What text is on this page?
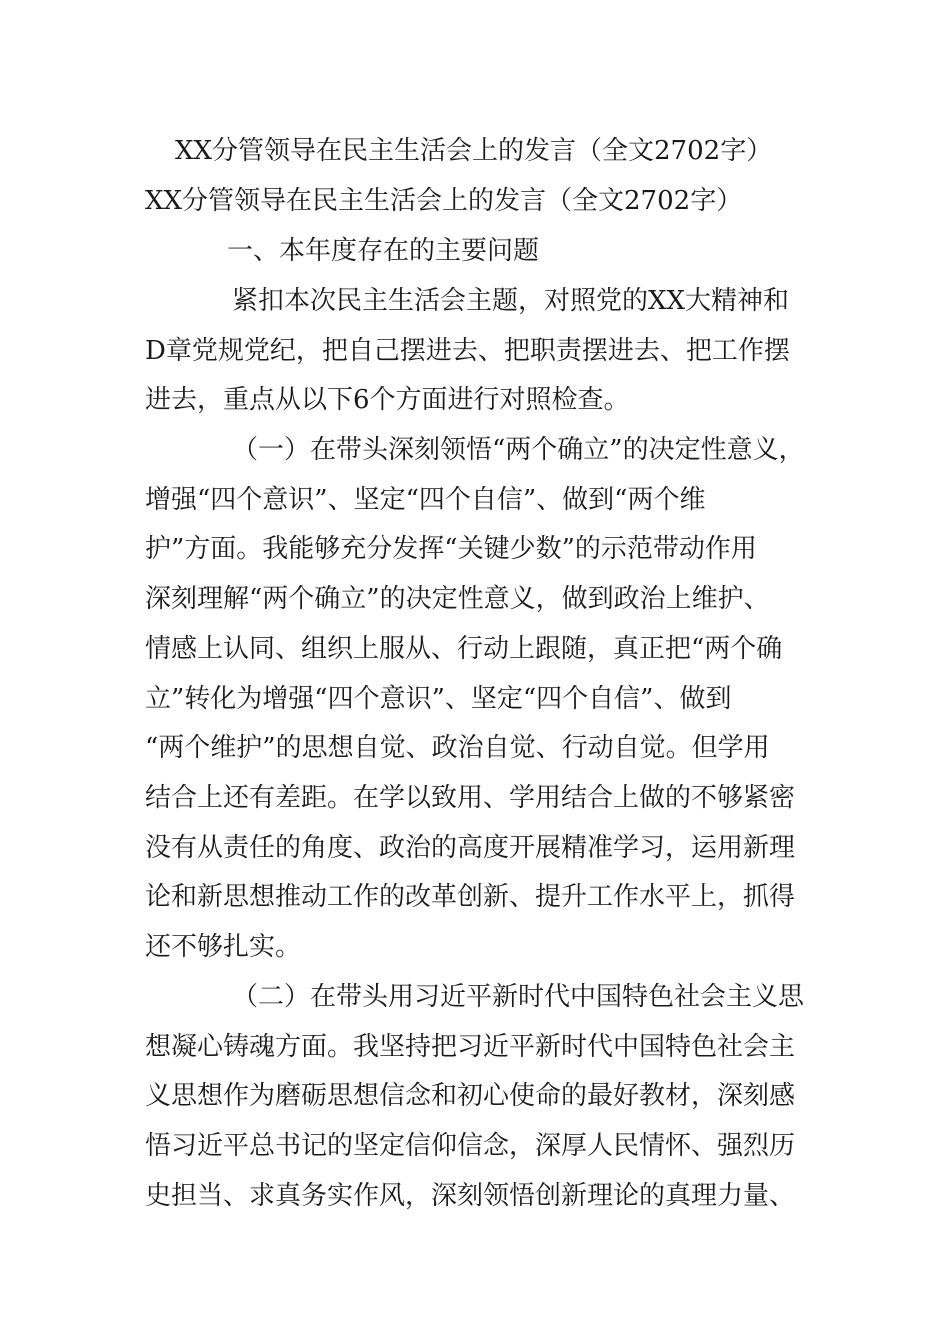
XX分管领导在民主生活会上的发言（全文2702字）
XX分管领导在民主生活会上的发言（全文2702字）
一、本年度存在的主要问题
紧扣本次民主生活会主题，对照党的XX大精神和
D章党规党纪，把自己摆进去、把职责摆进去、把工作摆
进去，重点从以下6个方面进行对照检查。
（一）在带头深刻领悟“两个确立”的决定性意义，
增强“四个意识”、坚定“四个自信”、做到“两个维
护”方面。我能够充分发挥“关键少数”的示范带动作用
深刻理解“两个确立”的决定性意义，做到政治上维护、
情感上认同、组织上服从、行动上跟随，真正把“两个确
立”转化为增强“四个意识”、坚定“四个自信”、做到
“两个维护”的思想自觉、政治自觉、行动自觉。但学用
结合上还有差距。在学以致用、学用结合上做的不够紧密
没有从责任的角度、政治的高度开展精准学习，运用新理
论和新思想推动工作的改革创新、提升工作水平上，抓得
还不够扎实。
（二）在带头用习近平新时代中国特色社会主义思
想凝心铸魂方面。我坚持把习近平新时代中国特色社会主
义思想作为磨砺思想信念和初心使命的最好教材，深刻感
悟习近平总书记的坚定信仰信念，深厚人民情怀、强烈历
史担当、求真务实作风，深刻领悟创新理论的真理力量、
